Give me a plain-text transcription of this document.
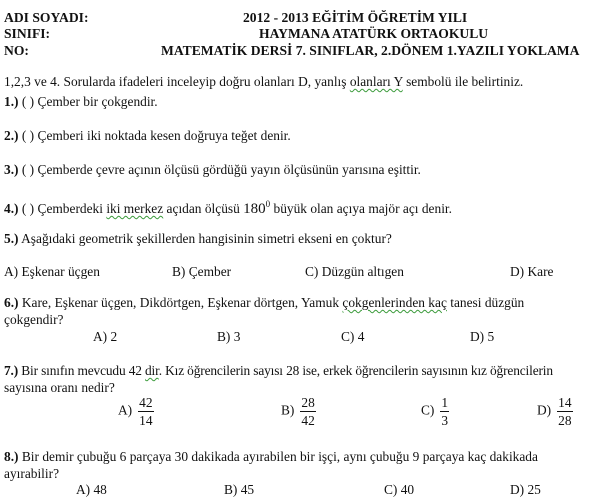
ADI SOYADI:
SINIFI:
NO:
2012 - 2013 EĞİTİM ÖĞRETİM YILI
HAYMANA ATATÜRK ORTAOKULU
MATEMATİK DERSİ 7. SINIFLAR, 2.DÖNEM 1.YAZILI YOKLAMA
1,2,3 ve 4. Sorularda ifadeleri inceleyip doğru olanları D, yanlış olanları Y sembolü ile belirtiniz.
1.) ( ) Çember bir çokgendir.
2.) ( ) Çemberi iki noktada kesen doğruya teğet denir.
3.) ( ) Çemberde çevre açının ölçüsü gördüğü yayın ölçüsünün yarısına eşittir.
4.) ( ) Çemberdeki iki merkez açıdan ölçüsü $180^0$ büyük olan açıya majör açı denir.
5.) Aşağıdaki geometrik şekillerden hangisinin simetri ekseni en çoktur?
A) Eşkenar üçgen	B) Çember	C) Düzgün altıgen	D) Kare
6.) Kare, Eşkenar üçgen, Dikdörtgen, Eşkenar dörtgen, Yamuk çokgenlerinden kaç tanesi düzgün
çokgendir?
A) 2	B) 3	C) 4	D) 5
7.) Bir sınıfın mevcudu 42 dir. Kız öğrencilerin sayısı 28 ise, erkek öğrencilerin sayısının kız öğrencilerin
sayısına oranı nedir?
$A) \frac{42}{14}$	$B) \frac{28}{42}$	$C) \frac{1}{3}$	$D) \frac{14}{28}$
8.) Bir demir çubuğu 6 parçaya 30 dakikada ayırabilen bir işçi, aynı çubuğu 9 parçaya kaç dakikada
ayırabilir?
A) 48	B) 45	C) 40	D) 25
